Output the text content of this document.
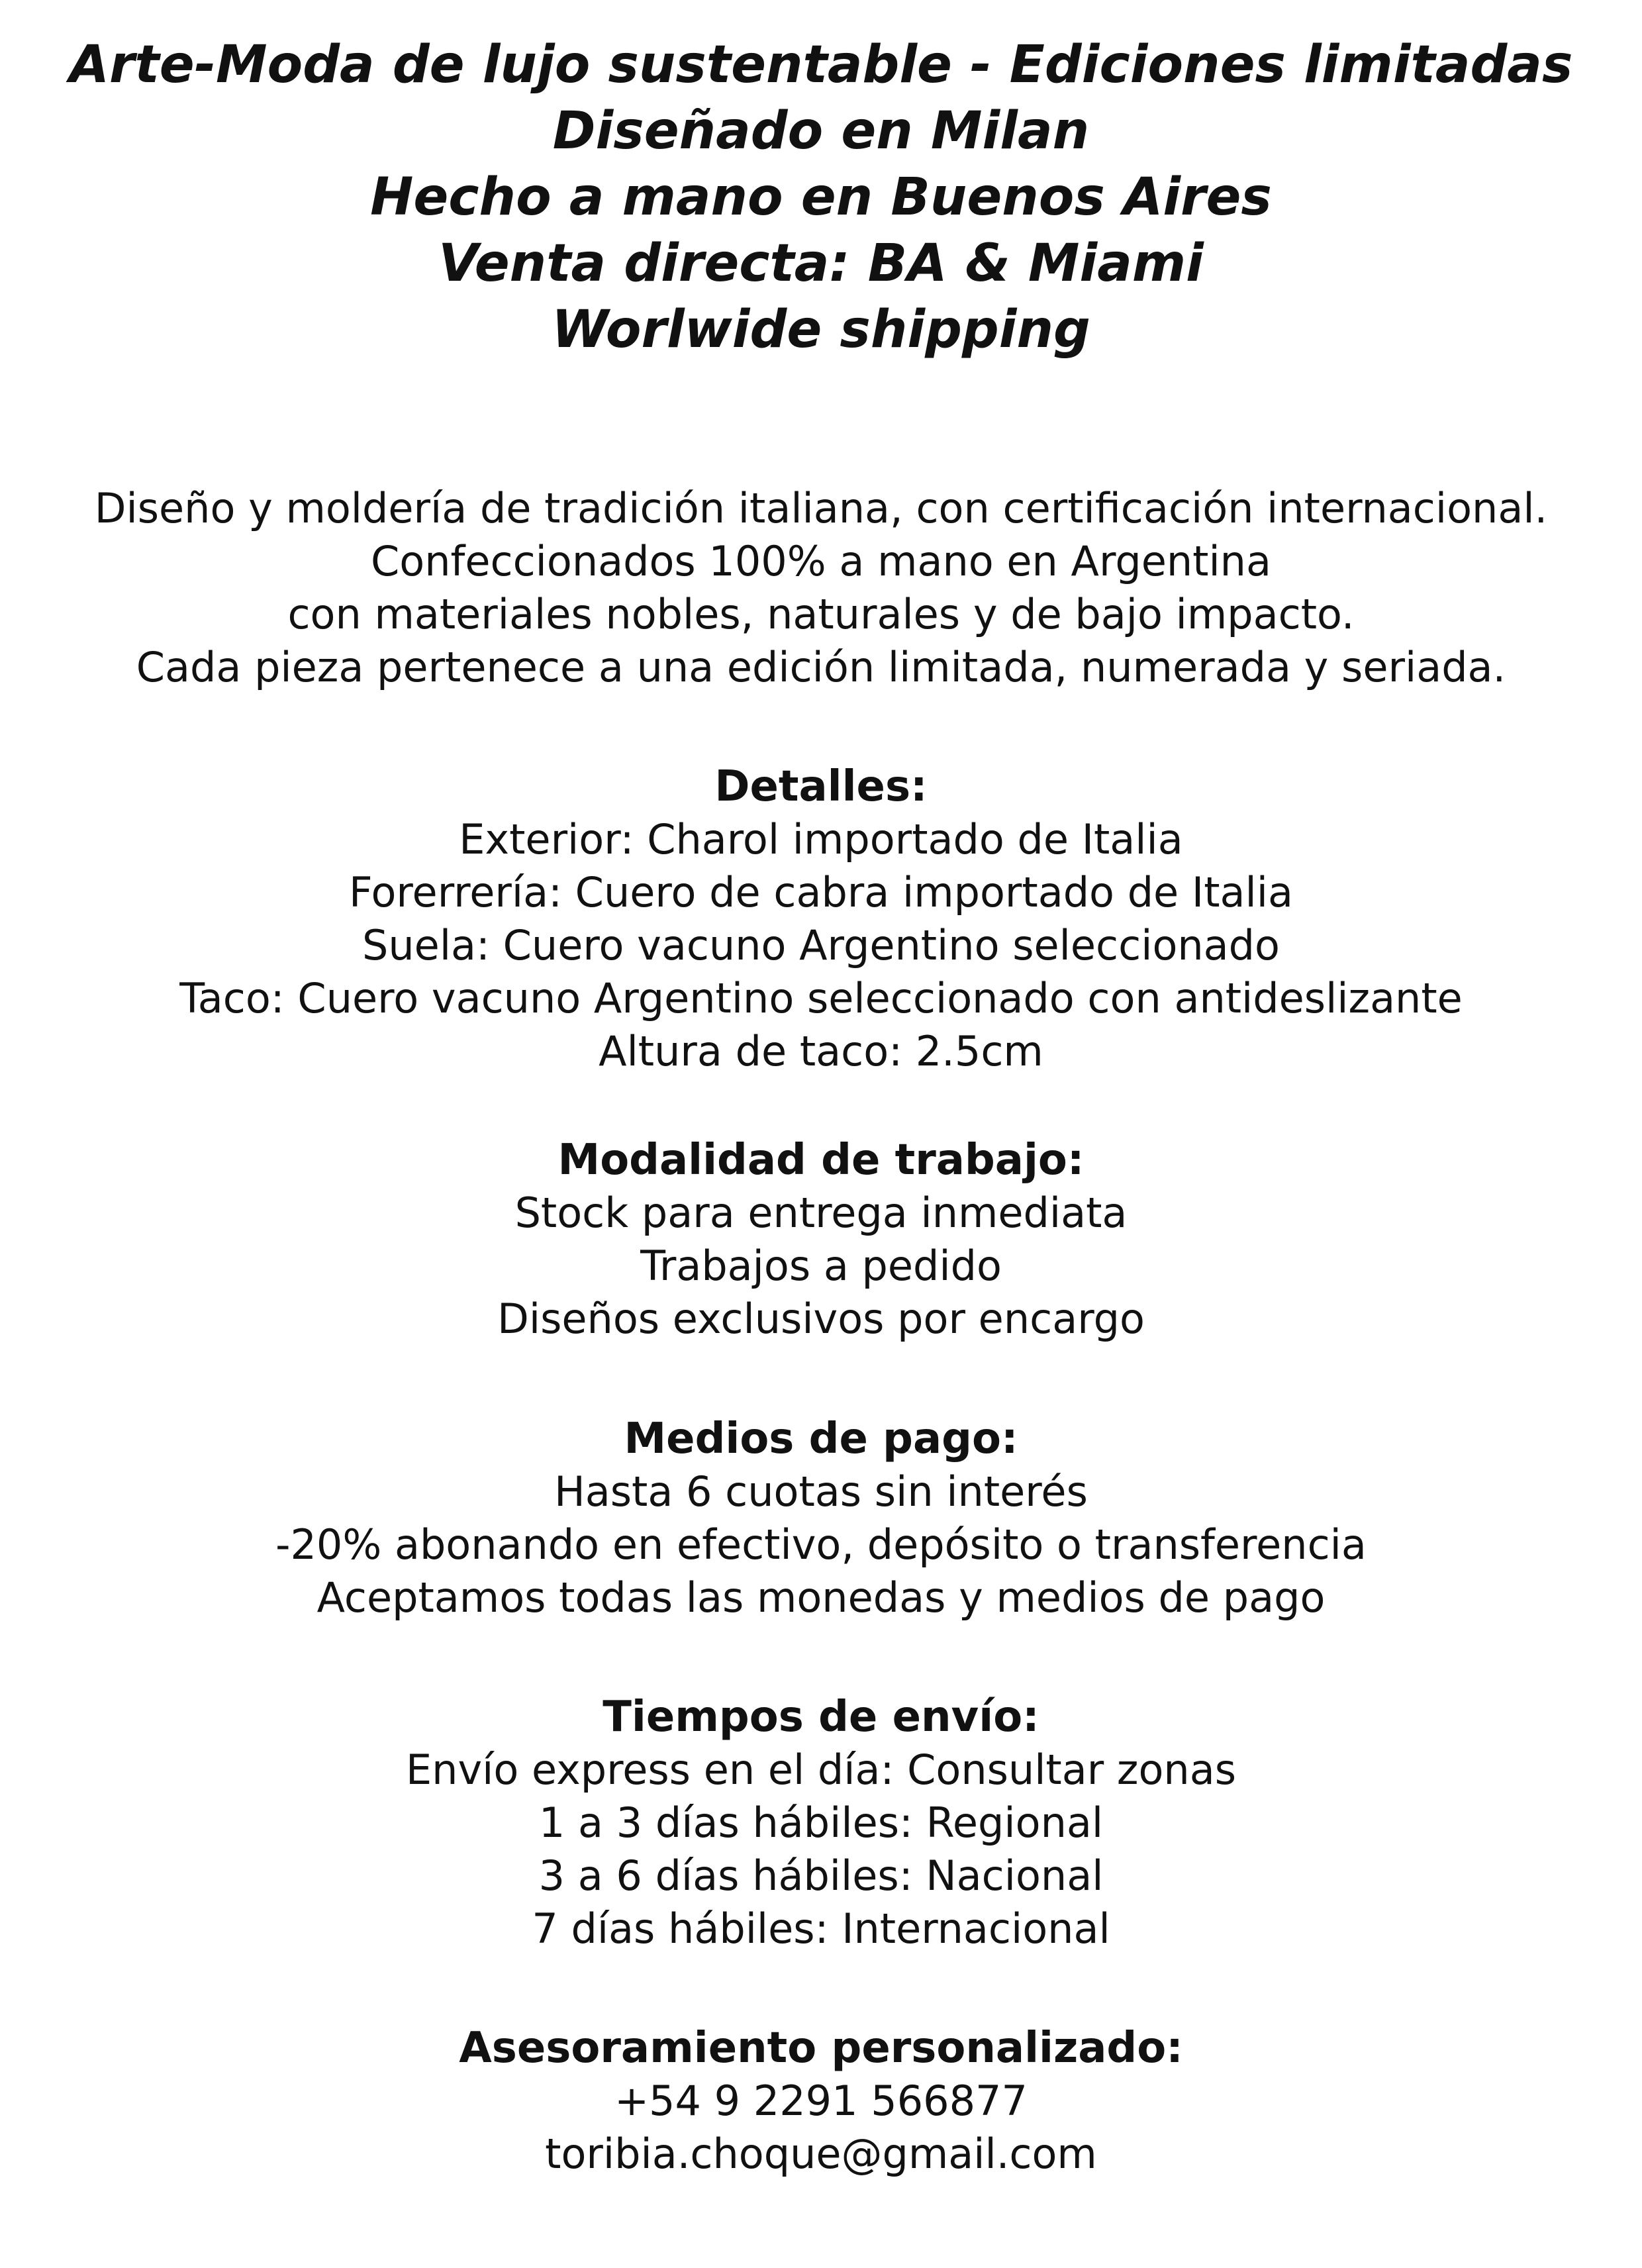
Arte-Moda de lujo sustentable - Ediciones limitadas
Diseñado en Milan
Hecho a mano en Buenos Aires
Venta directa: BA & Miami
Worlwide shipping
Diseño y moldería de tradición italiana, con certificación internacional.
Confeccionados 100% a mano en Argentina
con materiales nobles, naturales y de bajo impacto.
Cada pieza pertenece a una edición limitada, numerada y seriada.
Detalles:
Exterior: Charol importado de Italia
Forerrería: Cuero de cabra importado de Italia
Suela: Cuero vacuno Argentino seleccionado
Taco: Cuero vacuno Argentino seleccionado con antideslizante
Altura de taco: 2.5cm
Modalidad de trabajo:
Stock para entrega inmediata
Trabajos a pedido
Diseños exclusivos por encargo
Medios de pago:
Hasta 6 cuotas sin interés
-20% abonando en efectivo, depósito o transferencia
Aceptamos todas las monedas y medios de pago
Tiempos de envío:
Envío express en el día: Consultar zonas
1 a 3 días hábiles: Regional
3 a 6 días hábiles: Nacional
7 días hábiles: Internacional
Asesoramiento personalizado:
+54 9 2291 566877
toribia.choque@gmail.com
